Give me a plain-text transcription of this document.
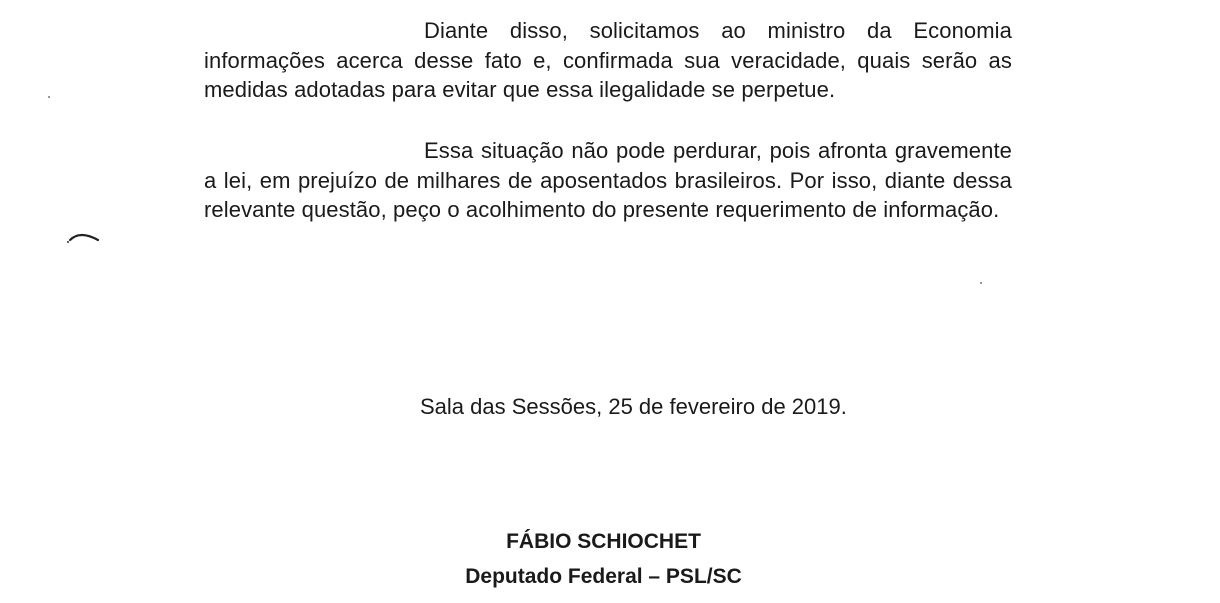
Diante disso, solicitamos ao ministro da Economia informações acerca desse fato e, confirmada sua veracidade, quais serão as medidas adotadas para evitar que essa ilegalidade se perpetue.

Essa situação não pode perdurar, pois afronta gravemente a lei, em prejuízo de milhares de aposentados brasileiros. Por isso, diante dessa relevante questão, peço o acolhimento do presente requerimento de informação.

Sala das Sessões, 25 de fevereiro de 2019.

FÁBIO SCHIOCHET

Deputado Federal – PSL/SC
